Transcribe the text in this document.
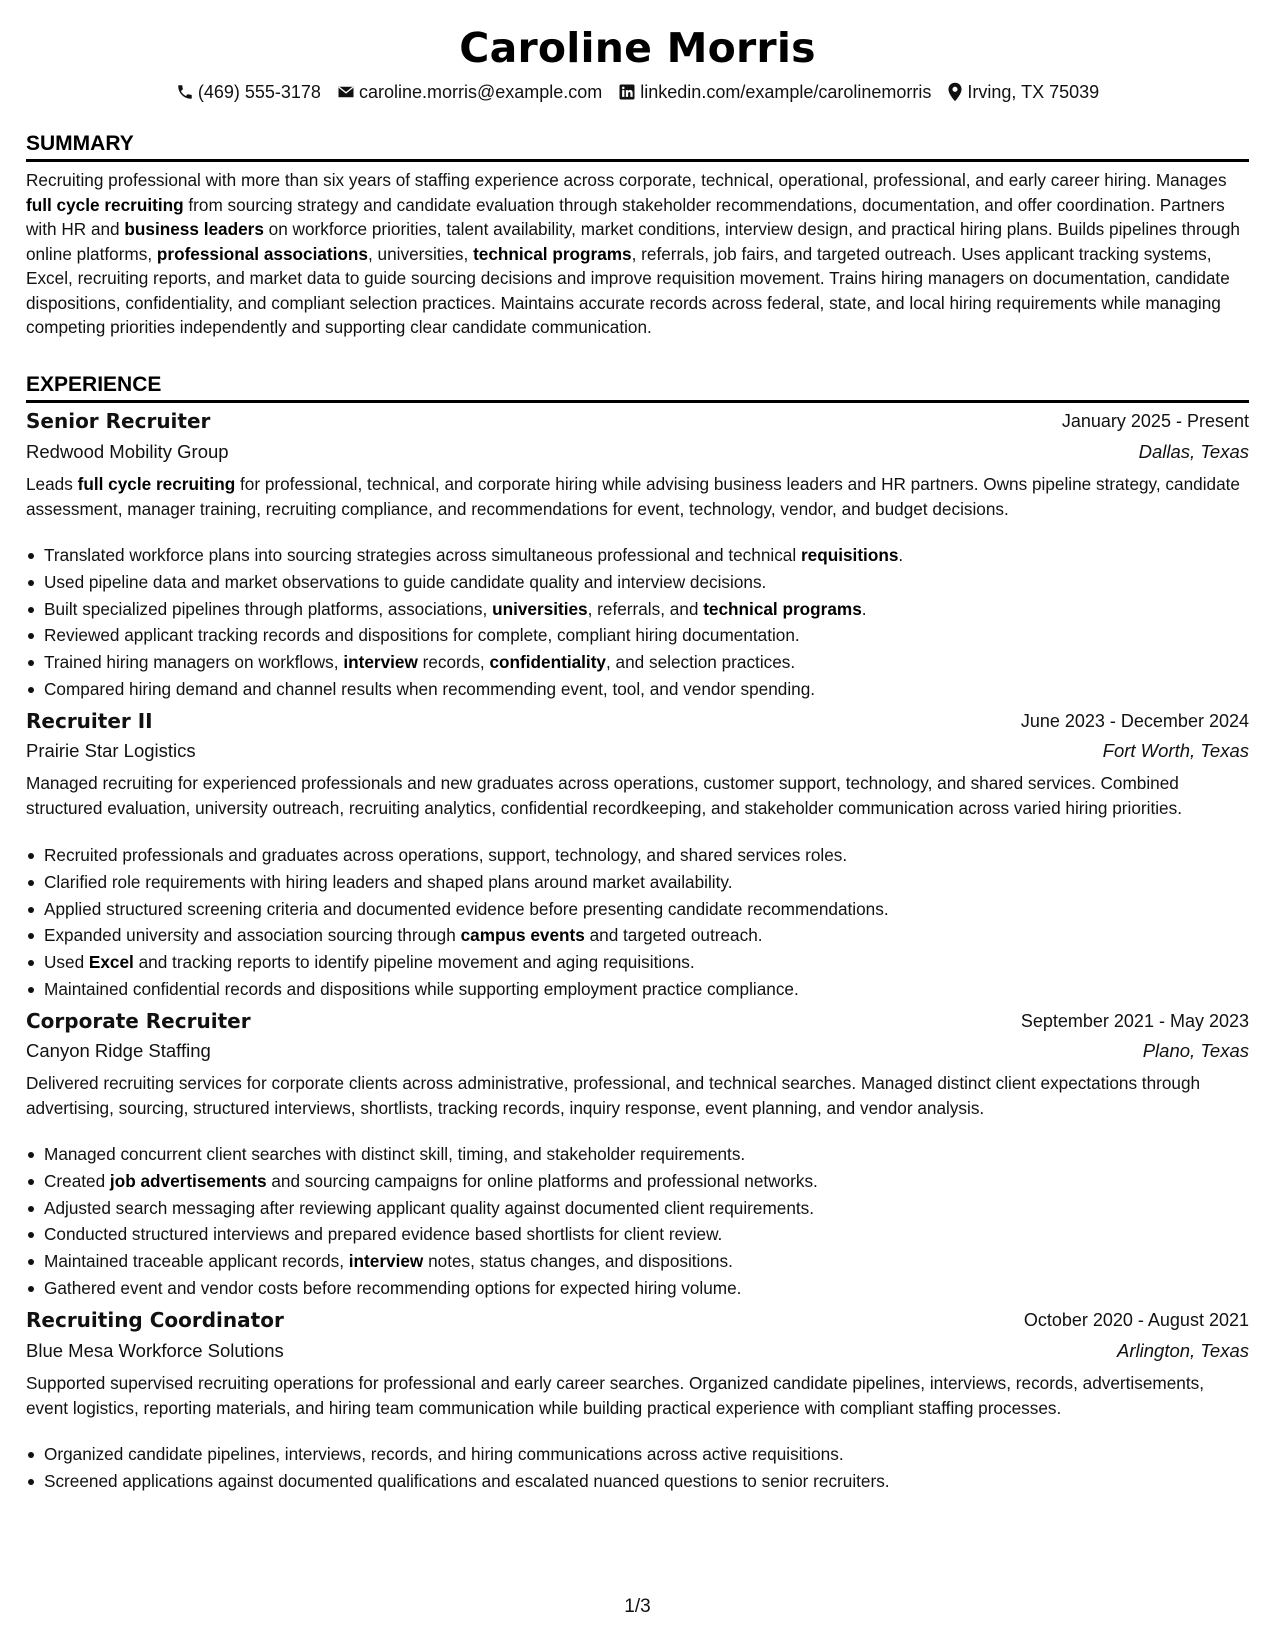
Caroline Morris
(469) 555-3178 caroline.morris@example.com linkedin.com/example/carolinemorris Irving, TX 75039
SUMMARY

Recruiting professional with more than six years of staffing experience across corporate, technical, operational, professional, and early career hiring. Manages full cycle recruiting from sourcing strategy and candidate evaluation through stakeholder recommendations, documentation, and offer coordination. Partners with HR and business leaders on workforce priorities, talent availability, market conditions, interview design, and practical hiring plans. Builds pipelines through online platforms, professional associations, universities, technical programs, referrals, job fairs, and targeted outreach. Uses applicant tracking systems, Excel, recruiting reports, and market data to guide sourcing decisions and improve requisition movement. Trains hiring managers on documentation, candidate dispositions, confidentiality, and compliant selection practices. Maintains accurate records across federal, state, and local hiring requirements while managing competing priorities independently and supporting clear candidate communication.

EXPERIENCE
Senior Recruiter	January 2025 - Present
Redwood Mobility Group	Dallas, Texas

Leads full cycle recruiting for professional, technical, and corporate hiring while advising business leaders and HR partners. Owns pipeline strategy, candidate assessment, manager training, recruiting compliance, and recommendations for event, technology, vendor, and budget decisions.

Translated workforce plans into sourcing strategies across simultaneous professional and technical requisitions.
Used pipeline data and market observations to guide candidate quality and interview decisions.
Built specialized pipelines through platforms, associations, universities, referrals, and technical programs.
Reviewed applicant tracking records and dispositions for complete, compliant hiring documentation.
Trained hiring managers on workflows, interview records, confidentiality, and selection practices.
Compared hiring demand and channel results when recommending event, tool, and vendor spending.
Recruiter II	June 2023 - December 2024
Prairie Star Logistics	Fort Worth, Texas

Managed recruiting for experienced professionals and new graduates across operations, customer support, technology, and shared services. Combined structured evaluation, university outreach, recruiting analytics, confidential recordkeeping, and stakeholder communication across varied hiring priorities.

Recruited professionals and graduates across operations, support, technology, and shared services roles.
Clarified role requirements with hiring leaders and shaped plans around market availability.
Applied structured screening criteria and documented evidence before presenting candidate recommendations.
Expanded university and association sourcing through campus events and targeted outreach.
Used Excel and tracking reports to identify pipeline movement and aging requisitions.
Maintained confidential records and dispositions while supporting employment practice compliance.
Corporate Recruiter	September 2021 - May 2023
Canyon Ridge Staffing	Plano, Texas

Delivered recruiting services for corporate clients across administrative, professional, and technical searches. Managed distinct client expectations through advertising, sourcing, structured interviews, shortlists, tracking records, inquiry response, event planning, and vendor analysis.

Managed concurrent client searches with distinct skill, timing, and stakeholder requirements.
Created job advertisements and sourcing campaigns for online platforms and professional networks.
Adjusted search messaging after reviewing applicant quality against documented client requirements.
Conducted structured interviews and prepared evidence based shortlists for client review.
Maintained traceable applicant records, interview notes, status changes, and dispositions.
Gathered event and vendor costs before recommending options for expected hiring volume.
Recruiting Coordinator	October 2020 - August 2021
Blue Mesa Workforce Solutions	Arlington, Texas

Supported supervised recruiting operations for professional and early career searches. Organized candidate pipelines, interviews, records, advertisements, event logistics, reporting materials, and hiring team communication while building practical experience with compliant staffing processes.

Organized candidate pipelines, interviews, records, and hiring communications across active requisitions.
Screened applications against documented qualifications and escalated nuanced questions to senior recruiters.
1/3
